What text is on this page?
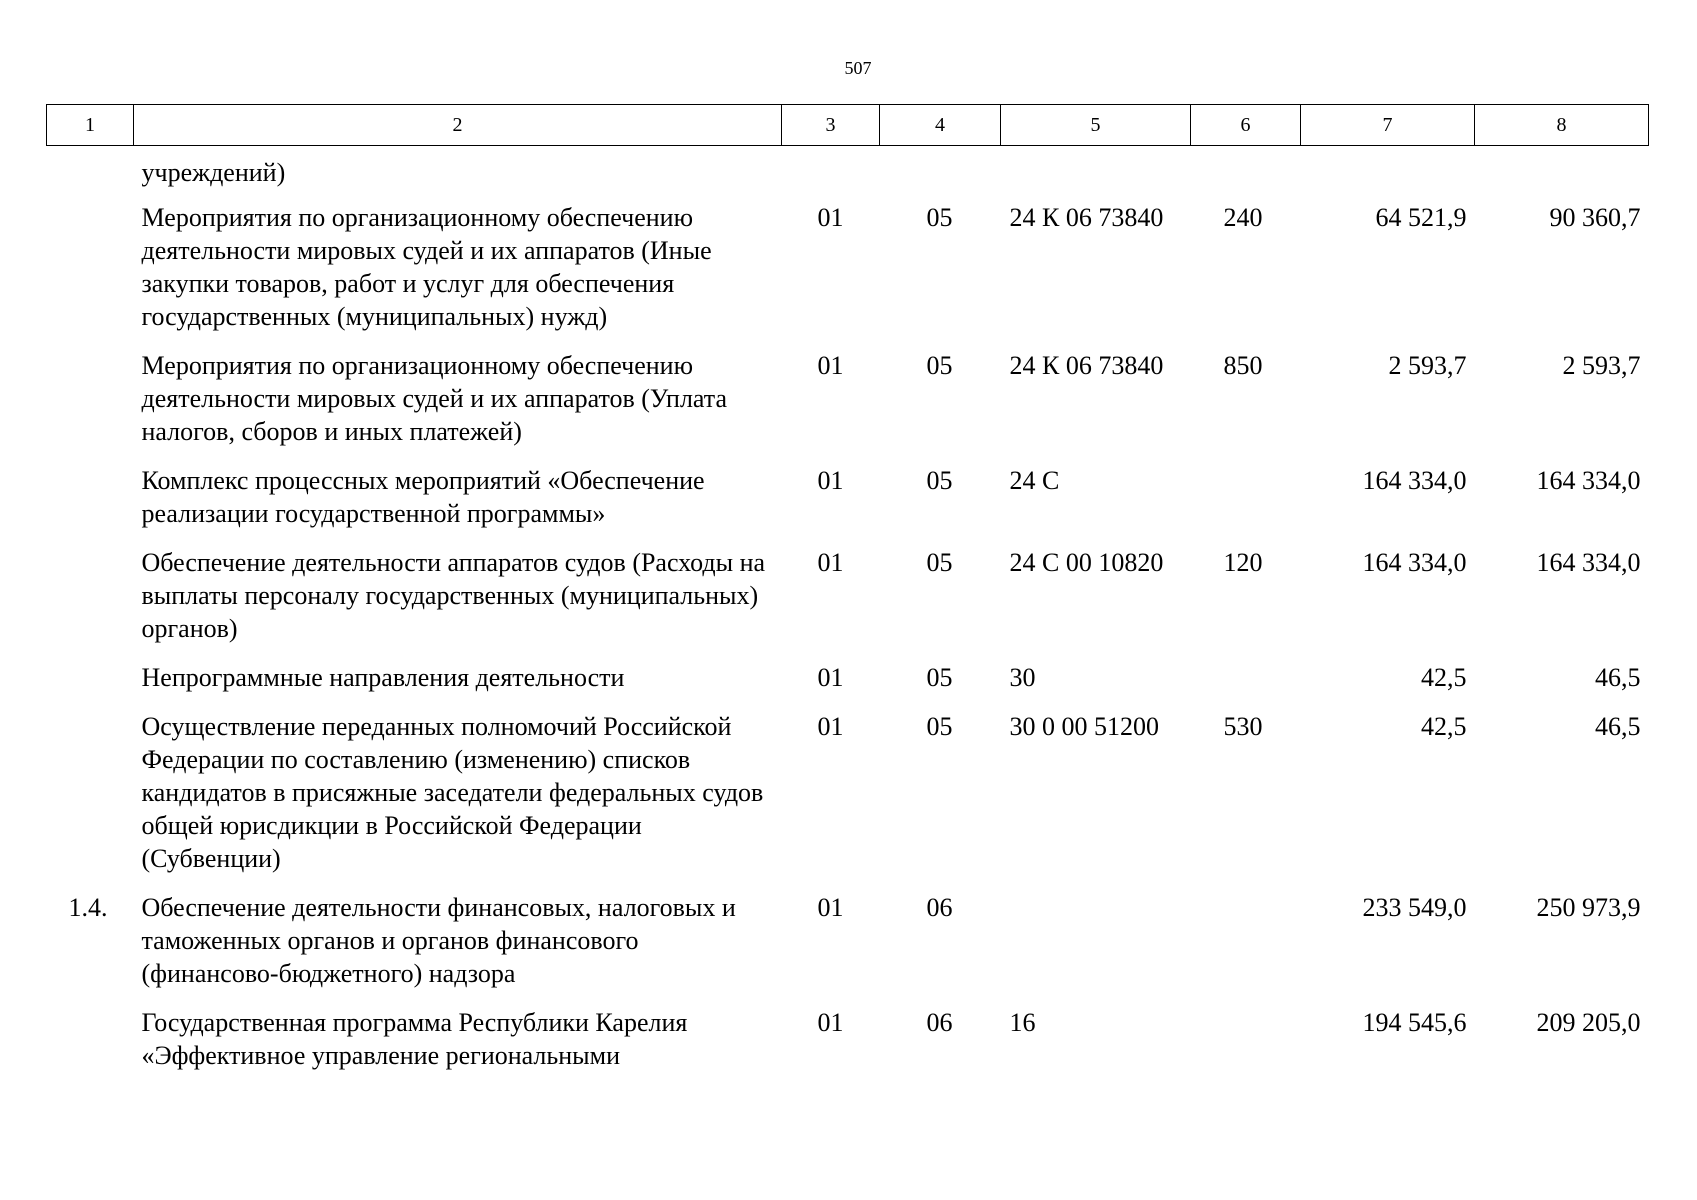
507
1	2	3	4	5	6	7	8
	учреждений)						
	Мероприятия по организационному обеспечению деятельности мировых судей и их аппаратов (Иные закупки товаров, работ и услуг для обеспечения государственных (муниципальных) нужд)	01	05	24 К 06 73840	240	64 521,9	90 360,7
	Мероприятия по организационному обеспечению деятельности мировых судей и их аппаратов (Уплата налогов, сборов и иных платежей)	01	05	24 К 06 73840	850	2 593,7	2 593,7
	Комплекс процессных мероприятий «Обеспечение реализации государственной программы»	01	05	24 С		164 334,0	164 334,0
	Обеспечение деятельности аппаратов судов (Расходы на выплаты персоналу государственных (муниципальных) органов)	01	05	24 С 00 10820	120	164 334,0	164 334,0
	Непрограммные направления деятельности	01	05	30		42,5	46,5
	Осуществление переданных полномочий Российской Федерации по составлению (изменению) списков кандидатов в присяжные заседатели федеральных судов общей юрисдикции в Российской Федерации (Субвенции)	01	05	30 0 00 51200	530	42,5	46,5
1.4.	Обеспечение деятельности финансовых, налоговых и таможенных органов и органов финансового (финансово-бюджетного) надзора	01	06			233 549,0	250 973,9
	Государственная программа Республики Карелия «Эффективное управление региональными	01	06	16		194 545,6	209 205,0
